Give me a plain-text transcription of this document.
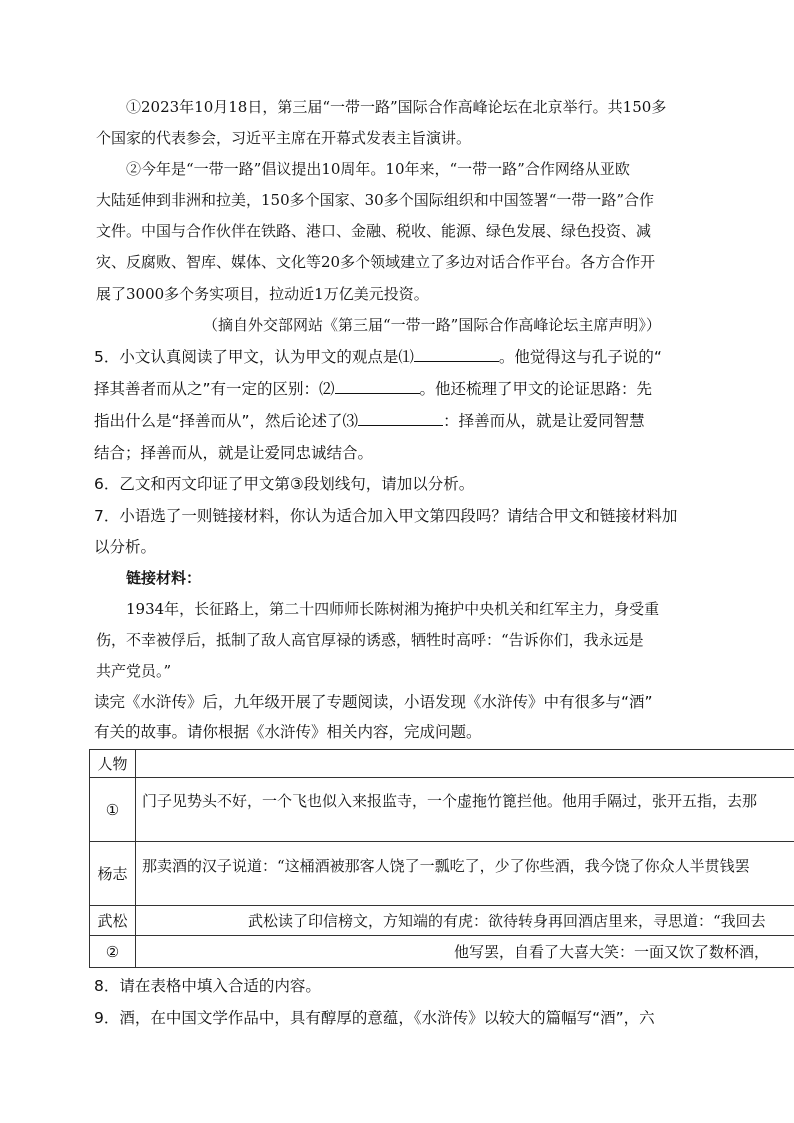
①2023年10月18日，第三届“一带一路”国际合作高峰论坛在北京举行。共150多
个国家的代表参会，习近平主席在开幕式发表主旨演讲。
②今年是“一带一路”倡议提出10周年。10年来，“一带一路”合作网络从亚欧
大陆延伸到非洲和拉美，150多个国家、30多个国际组织和中国签署“一带一路”合作
文件。中国与合作伙伴在铁路、港口、金融、税收、能源、绿色发展、绿色投资、减
灾、反腐败、智库、媒体、文化等20多个领域建立了多边对话合作平台。各方合作开
展了3000多个务实项目，拉动近1万亿美元投资。
（摘自外交部网站《第三届“一带一路”国际合作高峰论坛主席声明》）
5．小文认真阅读了甲文，认为甲文的观点是⑴	。他觉得这与孔子说的“
择其善者而从之”有一定的区别：⑵	。他还梳理了甲文的论证思路：先
指出什么是“择善而从”，然后论述了⑶	：择善而从，就是让爱同智慧
结合；择善而从，就是让爱同忠诚结合。
6．乙文和丙文印证了甲文第③段划线句，请加以分析。
7．小语选了一则链接材料，你认为适合加入甲文第四段吗？请结合甲文和链接材料加
以分析。
链接材料：
1934年，长征路上，第二十四师师长陈树湘为掩护中央机关和红军主力，身受重
伤，不幸被俘后，抵制了敌人高官厚禄的诱惑，牺牲时高呼：“告诉你们，我永远是
共产党员。”
读完《水浒传》后，九年级开展了专题阅读，小语发现《水浒传》中有很多与“酒”
有关的故事。请你根据《水浒传》相关内容，完成问题。
人物	
①	门子见势头不好，一个飞也似入来报监寺，一个虚拖竹篦拦他。他用手隔过，张开五指，去那

杨志	那卖酒的汉子说道：“这桶酒被那客人饶了一瓢吃了，少了你些酒，我今饶了你众人半贯钱罢

武松	武松读了印信榜文，方知端的有虎：欲待转身再回酒店里来，寻思道：“我回去

②	他写罢，自看了大喜大笑：一面又饮了数杯酒，
8．请在表格中填入合适的内容。
9．酒，在中国文学作品中，具有醇厚的意蕴，《水浒传》以较大的篇幅写“酒”，六
